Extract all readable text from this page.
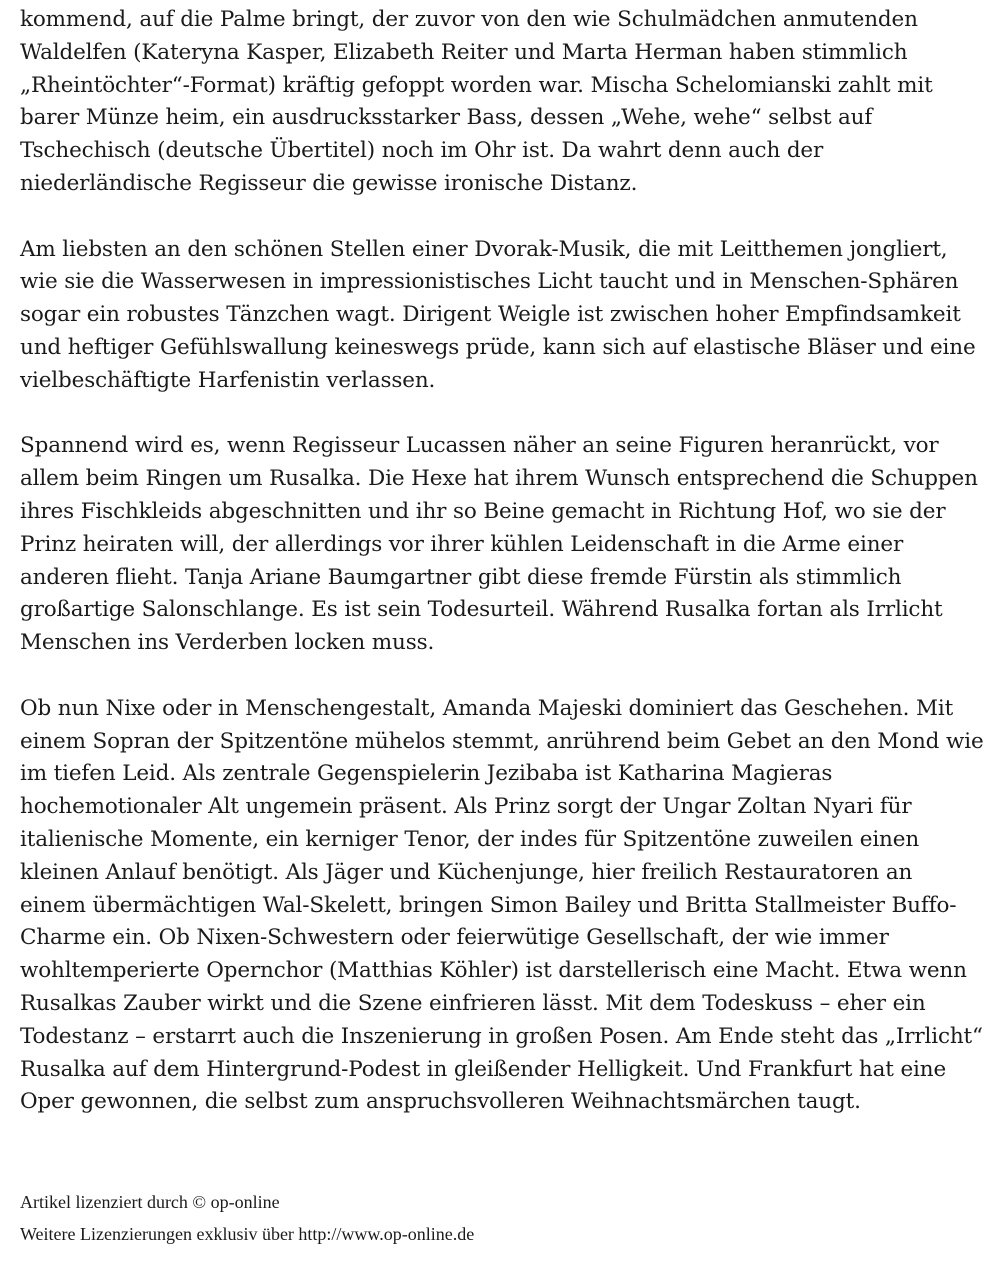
kommend, auf die Palme bringt, der zuvor von den wie Schulmädchen anmutenden Waldelfen (Kateryna Kasper, Elizabeth Reiter und Marta Herman haben stimmlich „Rheintöchter“-Format) kräftig gefoppt worden war. Mischa Schelomianski zahlt mit barer Münze heim, ein ausdrucksstarker Bass, dessen „Wehe, wehe“ selbst auf Tschechisch (deutsche Übertitel) noch im Ohr ist. Da wahrt denn auch der niederländische Regisseur die gewisse ironische Distanz.

Am liebsten an den schönen Stellen einer Dvorak-Musik, die mit Leitthemen jongliert, wie sie die Wasserwesen in impressionistisches Licht taucht und in Menschen-Sphären sogar ein robustes Tänzchen wagt. Dirigent Weigle ist zwischen hoher Empfindsamkeit und heftiger Gefühlswallung keineswegs prüde, kann sich auf elastische Bläser und eine vielbeschäftigte Harfenistin verlassen.

Spannend wird es, wenn Regisseur Lucassen näher an seine Figuren heranrückt, vor allem beim Ringen um Rusalka. Die Hexe hat ihrem Wunsch entsprechend die Schuppen ihres Fischkleids abgeschnitten und ihr so Beine gemacht in Richtung Hof, wo sie der Prinz heiraten will, der allerdings vor ihrer kühlen Leidenschaft in die Arme einer anderen flieht. Tanja Ariane Baumgartner gibt diese fremde Fürstin als stimmlich großartige Salonschlange. Es ist sein Todesurteil. Während Rusalka fortan als Irrlicht Menschen ins Verderben locken muss.

Ob nun Nixe oder in Menschengestalt, Amanda Majeski dominiert das Geschehen. Mit einem Sopran der Spitzentöne mühelos stemmt, anrührend beim Gebet an den Mond wie im tiefen Leid. Als zentrale Gegenspielerin Jezibaba ist Katharina Magieras hochemotionaler Alt ungemein präsent. Als Prinz sorgt der Ungar Zoltan Nyari für italienische Momente, ein kerniger Tenor, der indes für Spitzentöne zuweilen einen kleinen Anlauf benötigt. Als Jäger und Küchenjunge, hier freilich Restauratoren an einem übermächtigen Wal-Skelett, bringen Simon Bailey und Britta Stallmeister Buffo-Charme ein. Ob Nixen-Schwestern oder feierwütige Gesellschaft, der wie immer wohltemperierte Opernchor (Matthias Köhler) ist darstellerisch eine Macht. Etwa wenn Rusalkas Zauber wirkt und die Szene einfrieren lässt. Mit dem Todeskuss – eher ein Todestanz – erstarrt auch die Inszenierung in großen Posen. Am Ende steht das „Irrlicht“ Rusalka auf dem Hintergrund-Podest in gleißender Helligkeit. Und Frankfurt hat eine Oper gewonnen, die selbst zum anspruchsvolleren Weihnachtsmärchen taugt.

Artikel lizenziert durch © op-online
Weitere Lizenzierungen exklusiv über http://www.op-online.de
